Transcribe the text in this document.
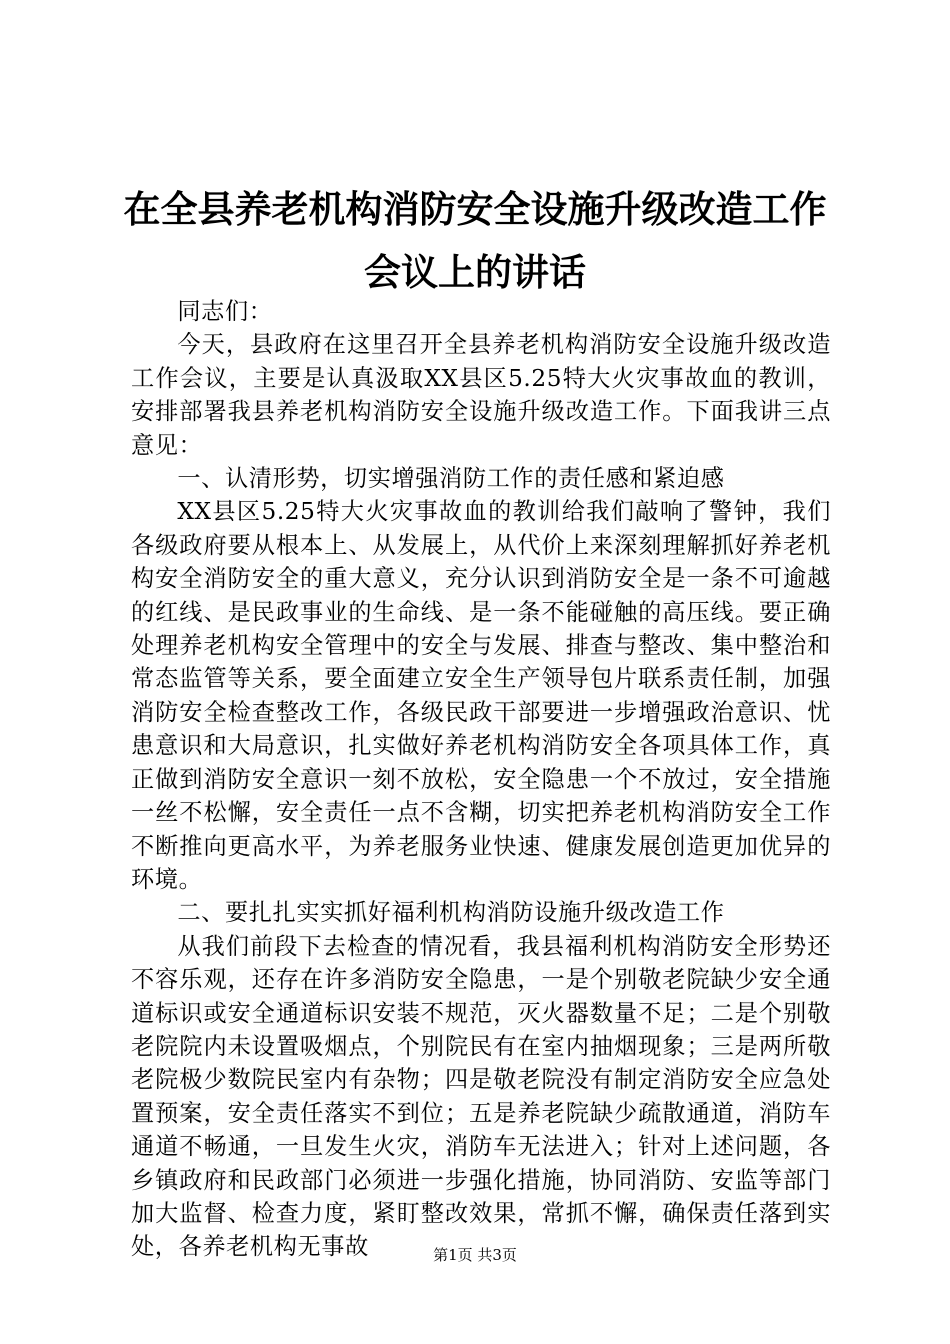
在全县养老机构消防安全设施升级改造工作会议上的讲话

同志们：

今天，县政府在这里召开全县养老机构消防安全设施升级改造工作会议，主要是认真汲取XX县区5.25特大火灾事故血的教训，安排部署我县养老机构消防安全设施升级改造工作。下面我讲三点意见：

一、认清形势，切实增强消防工作的责任感和紧迫感

XX县区5.25特大火灾事故血的教训给我们敲响了警钟，我们各级政府要从根本上、从发展上，从代价上来深刻理解抓好养老机构安全消防安全的重大意义，充分认识到消防安全是一条不可逾越的红线、是民政事业的生命线、是一条不能碰触的高压线。要正确处理养老机构安全管理中的安全与发展、排查与整改、集中整治和常态监管等关系，要全面建立安全生产领导包片联系责任制，加强消防安全检查整改工作，各级民政干部要进一步增强政治意识、忧患意识和大局意识，扎实做好养老机构消防安全各项具体工作，真正做到消防安全意识一刻不放松，安全隐患一个不放过，安全措施一丝不松懈，安全责任一点不含糊，切实把养老机构消防安全工作不断推向更高水平，为养老服务业快速、健康发展创造更加优异的环境。

二、要扎扎实实抓好福利机构消防设施升级改造工作

从我们前段下去检查的情况看，我县福利机构消防安全形势还不容乐观，还存在许多消防安全隐患，一是个别敬老院缺少安全通道标识或安全通道标识安装不规范，灭火器数量不足；二是个别敬老院院内未设置吸烟点，个别院民有在室内抽烟现象；三是两所敬老院极少数院民室内有杂物；四是敬老院没有制定消防安全应急处置预案，安全责任落实不到位；五是养老院缺少疏散通道，消防车通道不畅通，一旦发生火灾，消防车无法进入；针对上述问题，各乡镇政府和民政部门必须进一步强化措施，协同消防、安监等部门加大监督、检查力度，紧盯整改效果，常抓不懈，确保责任落到实处，各养老机构无事故	第1页 共3页
